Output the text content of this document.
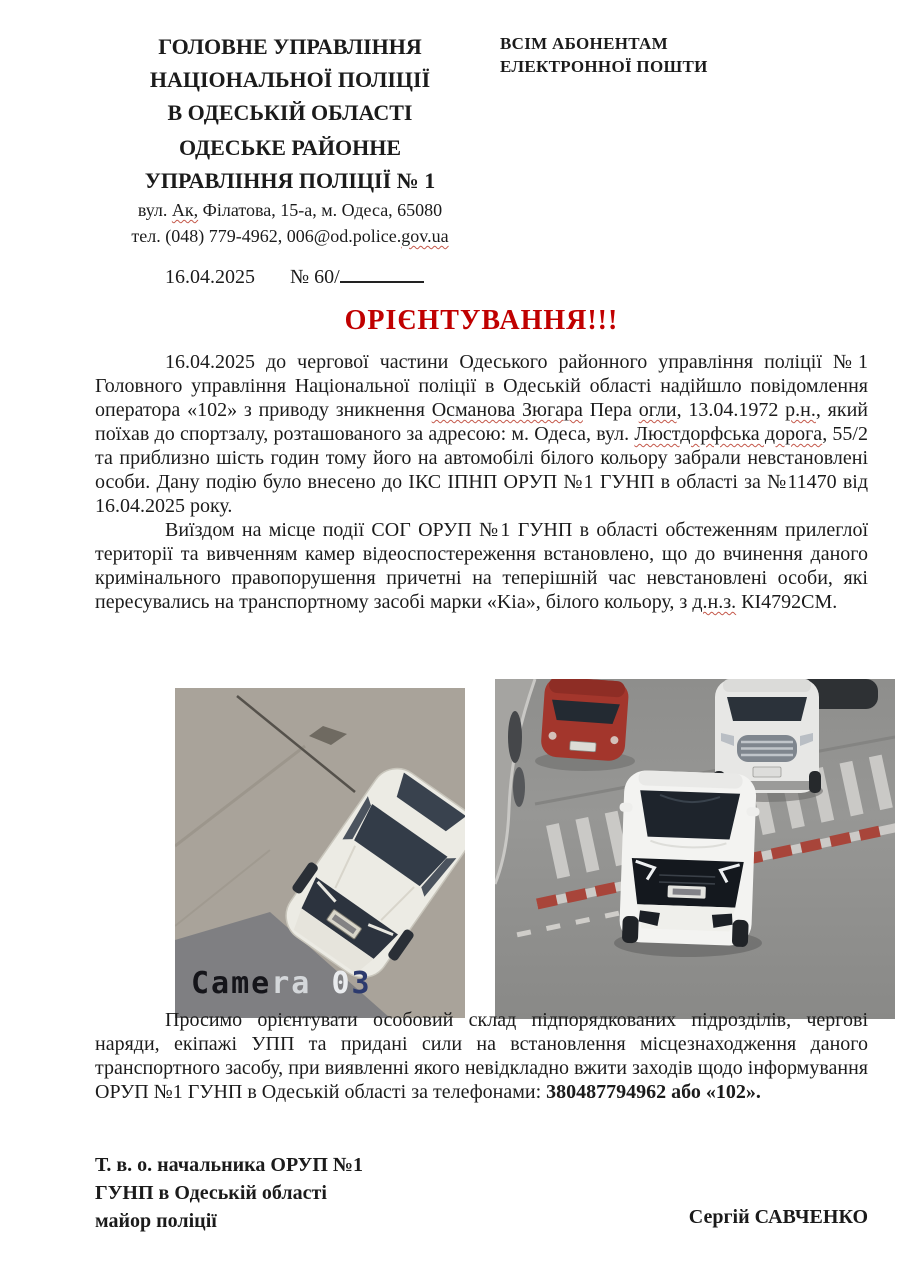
ГОЛОВНЕ УПРАВЛІННЯ
НАЦІОНАЛЬНОЇ ПОЛІЦІЇ
В ОДЕСЬКІЙ ОБЛАСТІ
ОДЕСЬКЕ РАЙОННЕ
УПРАВЛІННЯ ПОЛІЦІЇ № 1
ВСІМ АБОНЕНТАМ
ЕЛЕКТРОННОЇ ПОШТИ
вул. Ак, Філатова, 15-а, м. Одеса, 65080
тел. (048) 779-4962, 006@od.police.gov.ua
16.04.2025 № 60/
ОРІЄНТУВАННЯ!!!

16.04.2025 до чергової частини Одеського районного управління поліції №1 Головного управління Національної поліції в Одеській області надійшло повідомлення оператора «102» з приводу зникнення Османова Зюгара Пера огли, 13.04.1972 р.н., який поїхав до спортзалу, розташованого за адресою: м. Одеса, вул. Люстдорфська дорога, 55/2 та приблизно шість годин тому його на автомобілі білого кольору забрали невстановлені особи. Дану подію було внесено до ІКС ІПНП ОРУП №1 ГУНП в області за №11470 від 16.04.2025 року.

Виїздом на місце події СОГ ОРУП №1 ГУНП в області обстеженням прилеглої території та вивченням камер відеоспостереження встановлено, що до вчинення даного кримінального правопорушення причетні на теперішній час невстановлені особи, які пересувались на транспортному засобі марки «Kia», білого кольору, з д.н.з. КІ4792СМ.

Camera 03

Просимо орієнтувати особовий склад підпорядкованих підрозділів, чергові наряди, екіпажі УПП та придані сили на встановлення місцезнаходження даного транспортного засобу, при виявленні якого невідкладно вжити заходів щодо інформування ОРУП №1 ГУНП в Одеській області за телефонами: 380487794962 або «102».

Т. в. о. начальника ОРУП №1
ГУНП в Одеській області
майор поліції	Сергій САВЧЕНКО
